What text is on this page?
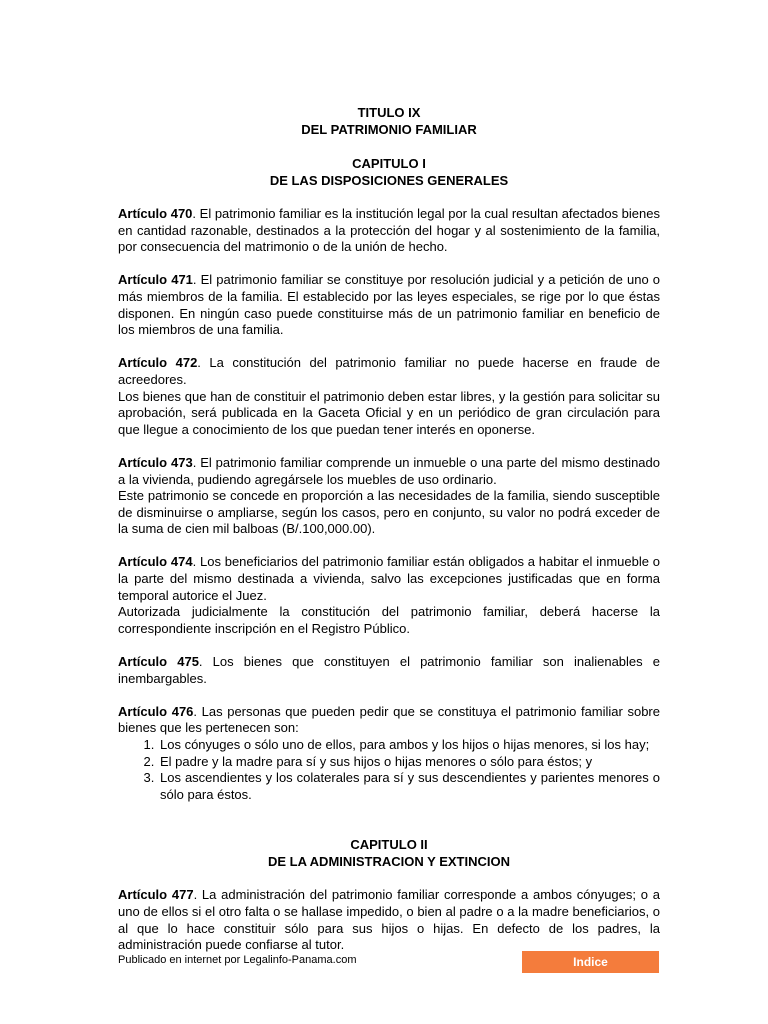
TITULO IX

DEL PATRIMONIO FAMILIAR

CAPITULO I

DE LAS DISPOSICIONES GENERALES

Artículo 470. El patrimonio familiar es la institución legal por la cual resultan afectados bienes en cantidad razonable, destinados a la protección del hogar y al sostenimiento de la familia, por consecuencia del matrimonio o de la unión de hecho.

Artículo 471. El patrimonio familiar se constituye por resolución judicial y a petición de uno o más miembros de la familia. El establecido por las leyes especiales, se rige por lo que éstas disponen. En ningún caso puede constituirse más de un patrimonio familiar en beneficio de los miembros de una familia.

Artículo 472. La constitución del patrimonio familiar no puede hacerse en fraude de acreedores.

Los bienes que han de constituir el patrimonio deben estar libres, y la gestión para solicitar su aprobación, será publicada en la Gaceta Oficial y en un periódico de gran circulación para que llegue a conocimiento de los que puedan tener interés en oponerse.

Artículo 473. El patrimonio familiar comprende un inmueble o una parte del mismo destinado a la vivienda, pudiendo agregársele los muebles de uso ordinario.

Este patrimonio se concede en proporción a las necesidades de la familia, siendo susceptible de disminuirse o ampliarse, según los casos, pero en conjunto, su valor no podrá exceder de la suma de cien mil balboas (B/.100,000.00).

Artículo 474. Los beneficiarios del patrimonio familiar están obligados a habitar el inmueble o la parte del mismo destinada a vivienda, salvo las excepciones justificadas que en forma temporal autorice el Juez.

Autorizada judicialmente la constitución del patrimonio familiar, deberá hacerse la correspondiente inscripción en el Registro Público.

Artículo 475. Los bienes que constituyen el patrimonio familiar son inalienables e inembargables.

Artículo 476. Las personas que pueden pedir que se constituya el patrimonio familiar sobre bienes que les pertenecen son:

1. Los cónyuges o sólo uno de ellos, para ambos y los hijos o hijas menores, si los hay;
2. El padre y la madre para sí y sus hijos o hijas menores o sólo para éstos; y
3. Los ascendientes y los colaterales para sí y sus descendientes y parientes menores o sólo para éstos.

CAPITULO II

DE LA ADMINISTRACION Y EXTINCION

Artículo 477. La administración del patrimonio familiar corresponde a ambos cónyuges; o a uno de ellos si el otro falta o se hallase impedido, o bien al padre o a la madre beneficiarios, o al que lo hace constituir sólo para sus hijos o hijas. En defecto de los padres, la administración puede confiarse al tutor.

Publicado en internet por Legalinfo-Panama.com	Indice
